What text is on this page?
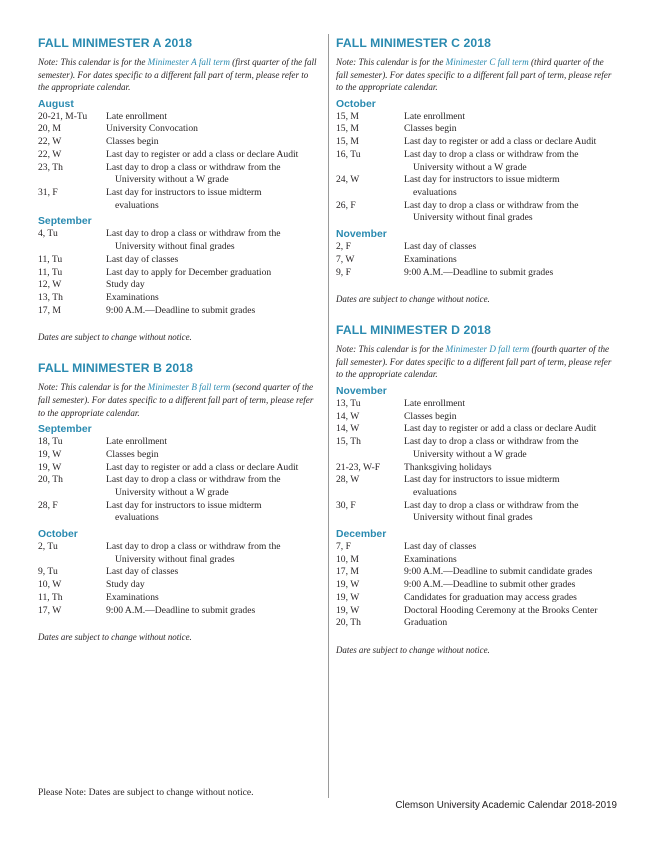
FALL MINIMESTER A 2018
Note: This calendar is for the Minimester A fall term (first quarter of the fall semester). For dates specific to a different fall part of term, please refer to the appropriate calendar.
August
20-21, M-Tu	Late enrollment
20, M	University Convocation
22, W	Classes begin
22, W	Last day to register or add a class or declare Audit
23, Th	Last day to drop a class or withdraw from the
University without a W grade
31, F	Last day for instructors to issue midterm
evaluations
September
4, Tu	Last day to drop a class or withdraw from the
University without final grades
11, Tu	Last day of classes
11, Tu	Last day to apply for December graduation
12, W	Study day
13, Th	Examinations
17, M	9:00 A.M.—Deadline to submit grades
Dates are subject to change without notice.
FALL MINIMESTER B 2018
Note: This calendar is for the Minimester B fall term (second quarter of the fall semester). For dates specific to a different fall part of term, please refer to the appropriate calendar.
September
18, Tu	Late enrollment
19, W	Classes begin
19, W	Last day to register or add a class or declare Audit
20, Th	Last day to drop a class or withdraw from the
University without a W grade
28, F	Last day for instructors to issue midterm
evaluations
October
2, Tu	Last day to drop a class or withdraw from the
University without final grades
9, Tu	Last day of classes
10, W	Study day
11, Th	Examinations
17, W	9:00 A.M.—Deadline to submit grades
Dates are subject to change without notice.
FALL MINIMESTER C 2018
Note: This calendar is for the Minimester C fall term (third quarter of the fall semester). For dates specific to a different fall part of term, please refer to the appropriate calendar.
October
15, M	Late enrollment
15, M	Classes begin
15, M	Last day to register or add a class or declare Audit
16, Tu	Last day to drop a class or withdraw from the
University without a W grade
24, W	Last day for instructors to issue midterm
evaluations
26, F	Last day to drop a class or withdraw from the
University without final grades
November
2, F	Last day of classes
7, W	Examinations
9, F	9:00 A.M.—Deadline to submit grades
Dates are subject to change without notice.
FALL MINIMESTER D 2018
Note: This calendar is for the Minimester D fall term (fourth quarter of the fall semester). For dates specific to a different fall part of term, please refer to the appropriate calendar.
November
13, Tu	Late enrollment
14, W	Classes begin
14, W	Last day to register or add a class or declare Audit
15, Th	Last day to drop a class or withdraw from the
University without a W grade
21-23, W-F	Thanksgiving holidays
28, W	Last day for instructors to issue midterm
evaluations
30, F	Last day to drop a class or withdraw from the
University without final grades
December
7, F	Last day of classes
10, M	Examinations
17, M	9:00 A.M.—Deadline to submit candidate grades
19, W	9:00 A.M.—Deadline to submit other grades
19, W	Candidates for graduation may access grades
19, W	Doctoral Hooding Ceremony at the Brooks Center
20, Th	Graduation
Dates are subject to change without notice.
Please Note: Dates are subject to change without notice.
Clemson University Academic Calendar 2018-2019
